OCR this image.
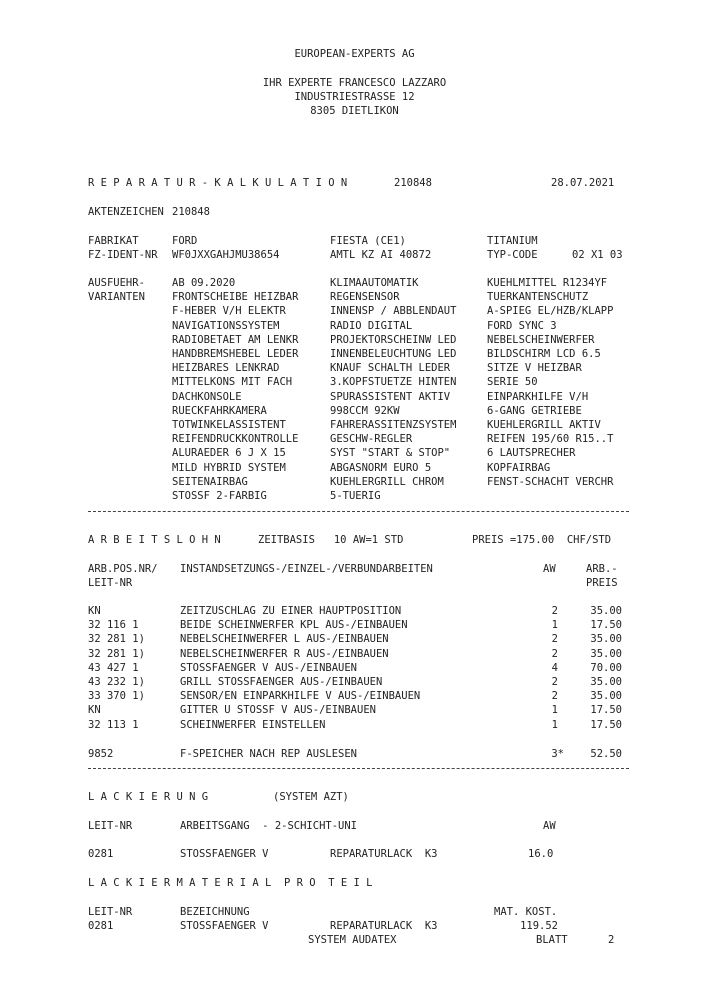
EUROPEAN-EXPERTS AG
IHR EXPERTE FRANCESCO LAZZARO
INDUSTRIESTRASSE 12
8305 DIETLIKON
R E P A R A T U R - K A L K U L A T I O N	210848	28.07.2021
AKTENZEICHEN 210848
FABRIKAT	FORD	FIESTA (CE1)	TITANIUM
FZ-IDENT-NR WF0JXXGAHJMU38654	AMTL KZ AI 40872	TYP-CODE	02 X1 03
AUSFUEHR-
VARIANTEN
AB 09.2020	KLIMAAUTOMATIK	KUEHLMITTEL R1234YF
FRONTSCHEIBE HEIZBAR	REGENSENSOR	TUERKANTENSCHUTZ
F-HEBER V/H ELEKTR	INNENSP / ABBLENDAUT	A-SPIEG EL/HZB/KLAPP
NAVIGATIONSSYSTEM	RADIO DIGITAL	FORD SYNC 3
RADIOBETAET AM LENKR	PROJEKTORSCHEINW LED	NEBELSCHEINWERFER
HANDBREMSHEBEL LEDER	INNENBELEUCHTUNG LED	BILDSCHIRM LCD 6.5
HEIZBARES LENKRAD	KNAUF SCHALTH LEDER	SITZE V HEIZBAR
MITTELKONS MIT FACH	3.KOPFSTUETZE HINTEN	SERIE 50
DACHKONSOLE	SPURASSISTENT AKTIV	EINPARKHILFE V/H
RUECKFAHRKAMERA	998CCM 92KW	6-GANG GETRIEBE
TOTWINKELASSISTENT	FAHRERASSITENZSYSTEM	KUEHLERGRILL AKTIV
REIFENDRUCKKONTROLLE	GESCHW-REGLER	REIFEN 195/60 R15..T
ALURAEDER 6 J X 15	SYST "START & STOP"	6 LAUTSPRECHER
MILD HYBRID SYSTEM	ABGASNORM EURO 5	KOPFAIRBAG
SEITENAIRBAG	KUEHLERGRILL CHROM	FENST-SCHACHT VERCHR
STOSSF 2-FARBIG	5-TUERIG
A R B E I T S L O H N	ZEITBASIS   10 AW=1 STD	PREIS =175.00  CHF/STD
ARB.POS.NR/ INSTANDSETZUNGS-/EINZEL-/VERBUNDARBEITEN	AW	ARB.-
LEIT-NR	PREIS
KN	ZEITZUSCHLAG ZU EINER HAUPTPOSITION	2	35.00
32 116 1	BEIDE SCHEINWERFER KPL AUS-/EINBAUEN	1	17.50
32 281 1)	NEBELSCHEINWERFER L AUS-/EINBAUEN	2	35.00
32 281 1)	NEBELSCHEINWERFER R AUS-/EINBAUEN	2	35.00
43 427 1	STOSSFAENGER V AUS-/EINBAUEN	4	70.00
43 232 1)	GRILL STOSSFAENGER AUS-/EINBAUEN	2	35.00
33 370 1)	SENSOR/EN EINPARKHILFE V AUS-/EINBAUEN	2	35.00
KN	GITTER U STOSSF V AUS-/EINBAUEN	1	17.50
32 113 1	SCHEINWERFER EINSTELLEN	1	17.50
9852	F-SPEICHER NACH REP AUSLESEN	3*	52.50
L A C K I E R U N G	(SYSTEM AZT)
LEIT-NR	ARBEITSGANG  - 2-SCHICHT-UNI	AW
0281	STOSSFAENGER V	REPARATURLACK  K3	16.0
L A C K I E R M A T E R I A L  P R O  T E I L
LEIT-NR	BEZEICHNUNG	MAT. KOST.
0281	STOSSFAENGER V	REPARATURLACK  K3	119.52
SYSTEM AUDATEX	BLATT	2
